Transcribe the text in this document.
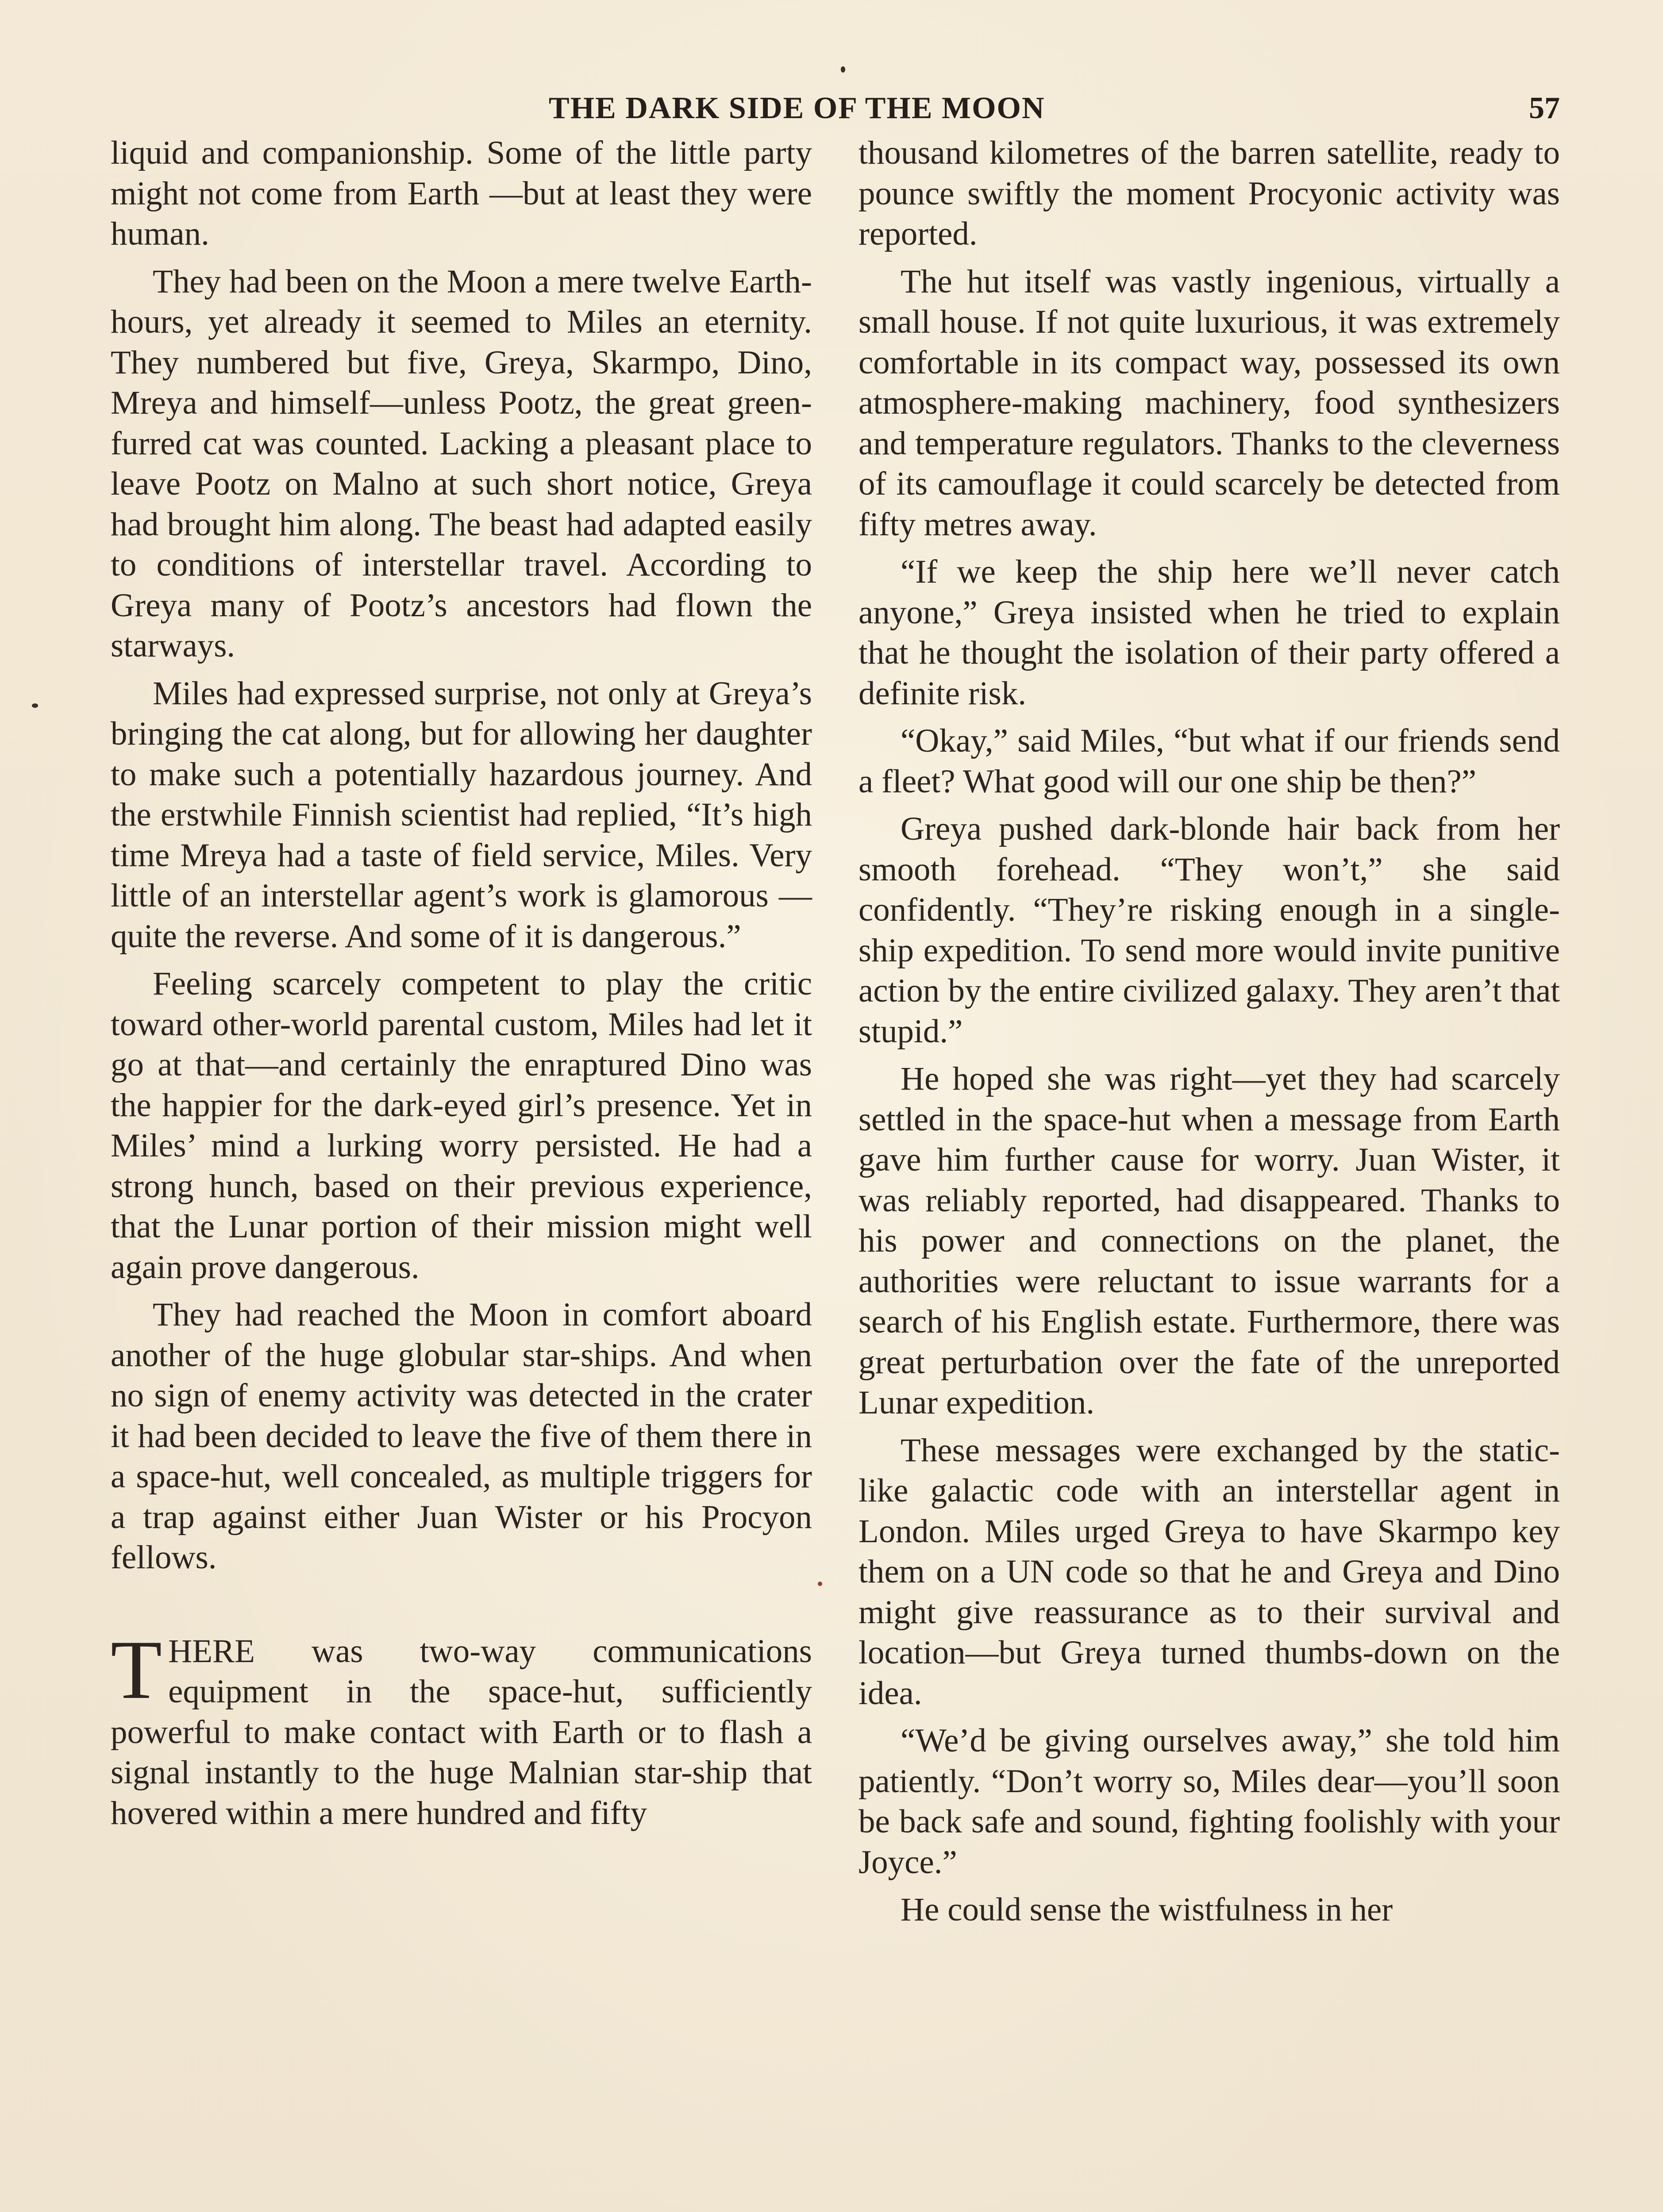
THE DARK SIDE OF THE MOON	57

liquid and companionship. Some of the little party might not come from Earth —but at least they were human.

They had been on the Moon a mere twelve Earth-hours, yet already it seemed to Miles an eternity. They numbered but five, Greya, Skarmpo, Dino, Mreya and himself—unless Pootz, the great green-furred cat was counted. Lacking a pleasant place to leave Pootz on Malno at such short notice, Greya had brought him along. The beast had adapted easily to conditions of interstellar travel. According to Greya many of Pootz’s ancestors had flown the starways.

Miles had expressed surprise, not only at Greya’s bringing the cat along, but for allowing her daughter to make such a potentially hazardous journey. And the erstwhile Finnish scientist had replied, “It’s high time Mreya had a taste of field service, Miles. Very little of an interstellar agent’s work is glamorous —quite the reverse. And some of it is dangerous.”

Feeling scarcely competent to play the critic toward other-world parental custom, Miles had let it go at that—and certainly the enraptured Dino was the happier for the dark-eyed girl’s presence. Yet in Miles’ mind a lurking worry persisted. He had a strong hunch, based on their previous experience, that the Lunar portion of their mission might well again prove dangerous.

They had reached the Moon in comfort aboard another of the huge globular star-ships. And when no sign of enemy activity was detected in the crater it had been decided to leave the five of them there in a space-hut, well concealed, as multiple triggers for a trap against either Juan Wister or his Procyon fellows.

THERE was two-way communications equipment in the space-hut, sufficiently powerful to make contact with Earth or to flash a signal instantly to the huge Malnian star-ship that hovered within a mere hundred and fifty

thousand kilometres of the barren satellite, ready to pounce swiftly the moment Procyonic activity was reported.

The hut itself was vastly ingenious, virtually a small house. If not quite luxurious, it was extremely comfortable in its compact way, possessed its own atmosphere-making machinery, food synthesizers and temperature regulators. Thanks to the cleverness of its camouflage it could scarcely be detected from fifty metres away.

“If we keep the ship here we’ll never catch anyone,” Greya insisted when he tried to explain that he thought the isolation of their party offered a definite risk.

“Okay,” said Miles, “but what if our friends send a fleet? What good will our one ship be then?”

Greya pushed dark-blonde hair back from her smooth forehead. “They won’t,” she said confidently. “They’re risking enough in a single-ship expedition. To send more would invite punitive action by the entire civilized galaxy. They aren’t that stupid.”

He hoped she was right—yet they had scarcely settled in the space-hut when a message from Earth gave him further cause for worry. Juan Wister, it was reliably reported, had disappeared. Thanks to his power and connections on the planet, the authorities were reluctant to issue warrants for a search of his English estate. Furthermore, there was great perturbation over the fate of the unreported Lunar expedition.

These messages were exchanged by the static-like galactic code with an interstellar agent in London. Miles urged Greya to have Skarmpo key them on a UN code so that he and Greya and Dino might give reassurance as to their survival and location—but Greya turned thumbs-down on the idea.

“We’d be giving ourselves away,” she told him patiently. “Don’t worry so, Miles dear—you’ll soon be back safe and sound, fighting foolishly with your Joyce.”

He could sense the wistfulness in her
